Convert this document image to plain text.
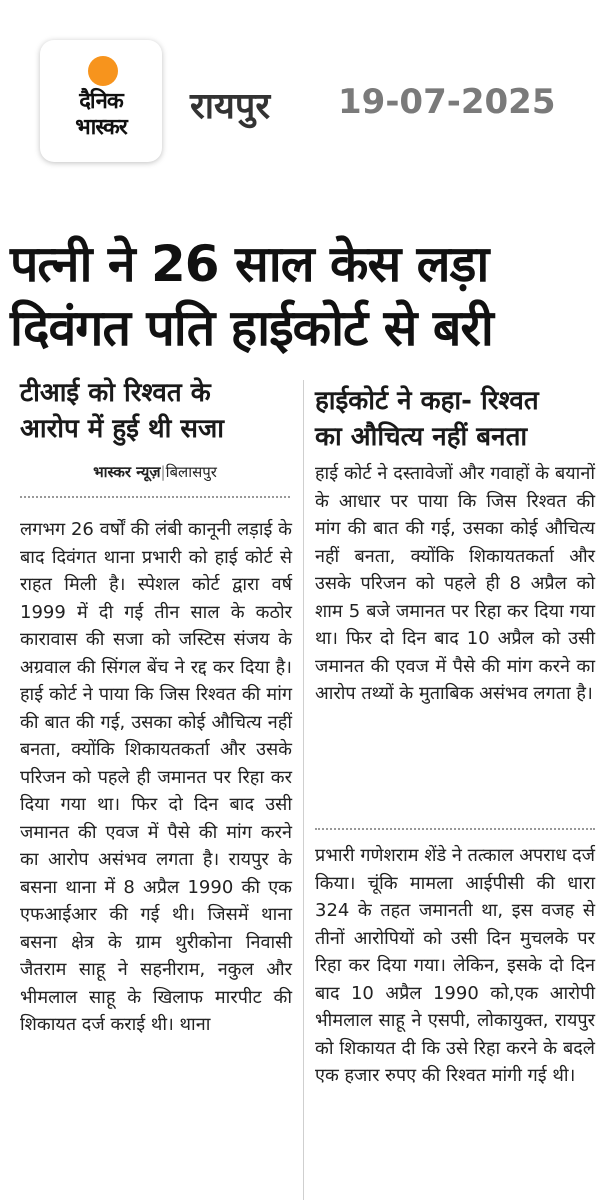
दैनिक
भास्कर
रायपुर 19-07-2025
पत्नी ने 26 साल केस लड़ा
दिवंगत पति हाईकोर्ट से बरी
टीआई को रिश्वत के
आरोप में हुई थी सजा
हाईकोर्ट ने कहा- रिश्वत
का औचित्य नहीं बनता
भास्कर न्यूज़|बिलासपुर

लगभग 26 वर्षों की लंबी कानूनी लड़ाई के बाद दिवंगत थाना प्रभारी को हाई कोर्ट से राहत मिली है। स्पेशल कोर्ट द्वारा वर्ष 1999 में दी गई तीन साल के कठोर कारावास की सजा को जस्टिस संजय के अग्रवाल की सिंगल बेंच ने रद्द कर दिया है। हाई कोर्ट ने पाया कि जिस रिश्वत की मांग की बात की गई, उसका कोई औचित्य नहीं बनता, क्योंकि शिकायतकर्ता और उसके परिजन को पहले ही जमानत पर रिहा कर दिया गया था। फिर दो दिन बाद उसी जमानत की एवज में पैसे की मांग करने का आरोप असंभव लगता है। रायपुर के बसना थाना में 8 अप्रैल 1990 की एक एफआईआर की गई थी। जिसमें थाना बसना क्षेत्र के ग्राम थुरीकोना निवासी जैतराम साहू ने सहनीराम, नकुल और भीमलाल साहू के खिलाफ मारपीट की शिकायत दर्ज कराई थी। थाना

हाई कोर्ट ने दस्तावेजों और गवाहों के बयानों के आधार पर पाया कि जिस रिश्वत की मांग की बात की गई, उसका कोई औचित्य नहीं बनता, क्योंकि शिकायतकर्ता और उसके परिजन को पहले ही 8 अप्रैल को शाम 5 बजे जमानत पर रिहा कर दिया गया था। फिर दो दिन बाद 10 अप्रैल को उसी जमानत की एवज में पैसे की मांग करने का आरोप तथ्यों के मुताबिक असंभव लगता है।

प्रभारी गणेशराम शेंडे ने तत्काल अपराध दर्ज किया। चूंकि मामला आईपीसी की धारा 324 के तहत जमानती था, इस वजह से तीनों आरोपियों को उसी दिन मुचलके पर रिहा कर दिया गया। लेकिन, इसके दो दिन बाद 10 अप्रैल 1990 को,एक आरोपी भीमलाल साहू ने एसपी, लोकायुक्त, रायपुर को शिकायत दी कि उसे रिहा करने के बदले एक हजार रुपए की रिश्वत मांगी गई थी।
